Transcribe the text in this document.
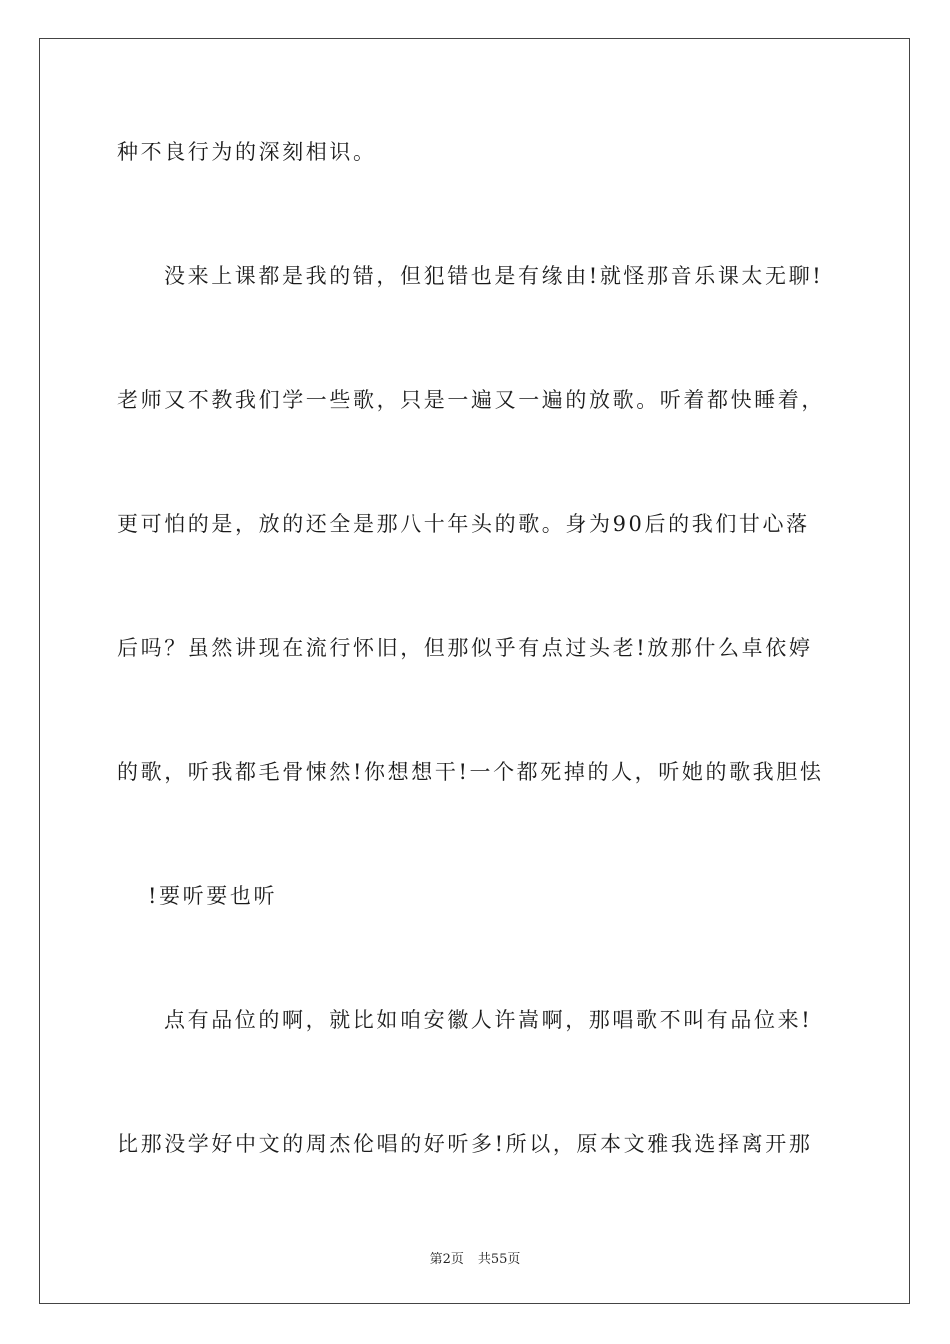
种不良行为的深刻相识。
没来上课都是我的错，但犯错也是有缘由!就怪那音乐课太无聊!
老师又不教我们学一些歌，只是一遍又一遍的放歌。听着都快睡着，
更可怕的是，放的还全是那八十年头的歌。身为90后的我们甘心落
后吗？虽然讲现在流行怀旧，但那似乎有点过头老!放那什么卓依婷
的歌，听我都毛骨悚然!你想想干!一个都死掉的人，听她的歌我胆怯
!要听要也听
点有品位的啊，就比如咱安徽人许嵩啊，那唱歌不叫有品位来!
比那没学好中文的周杰伦唱的好听多!所以，原本文雅我选择离开那
第2页 共55页
